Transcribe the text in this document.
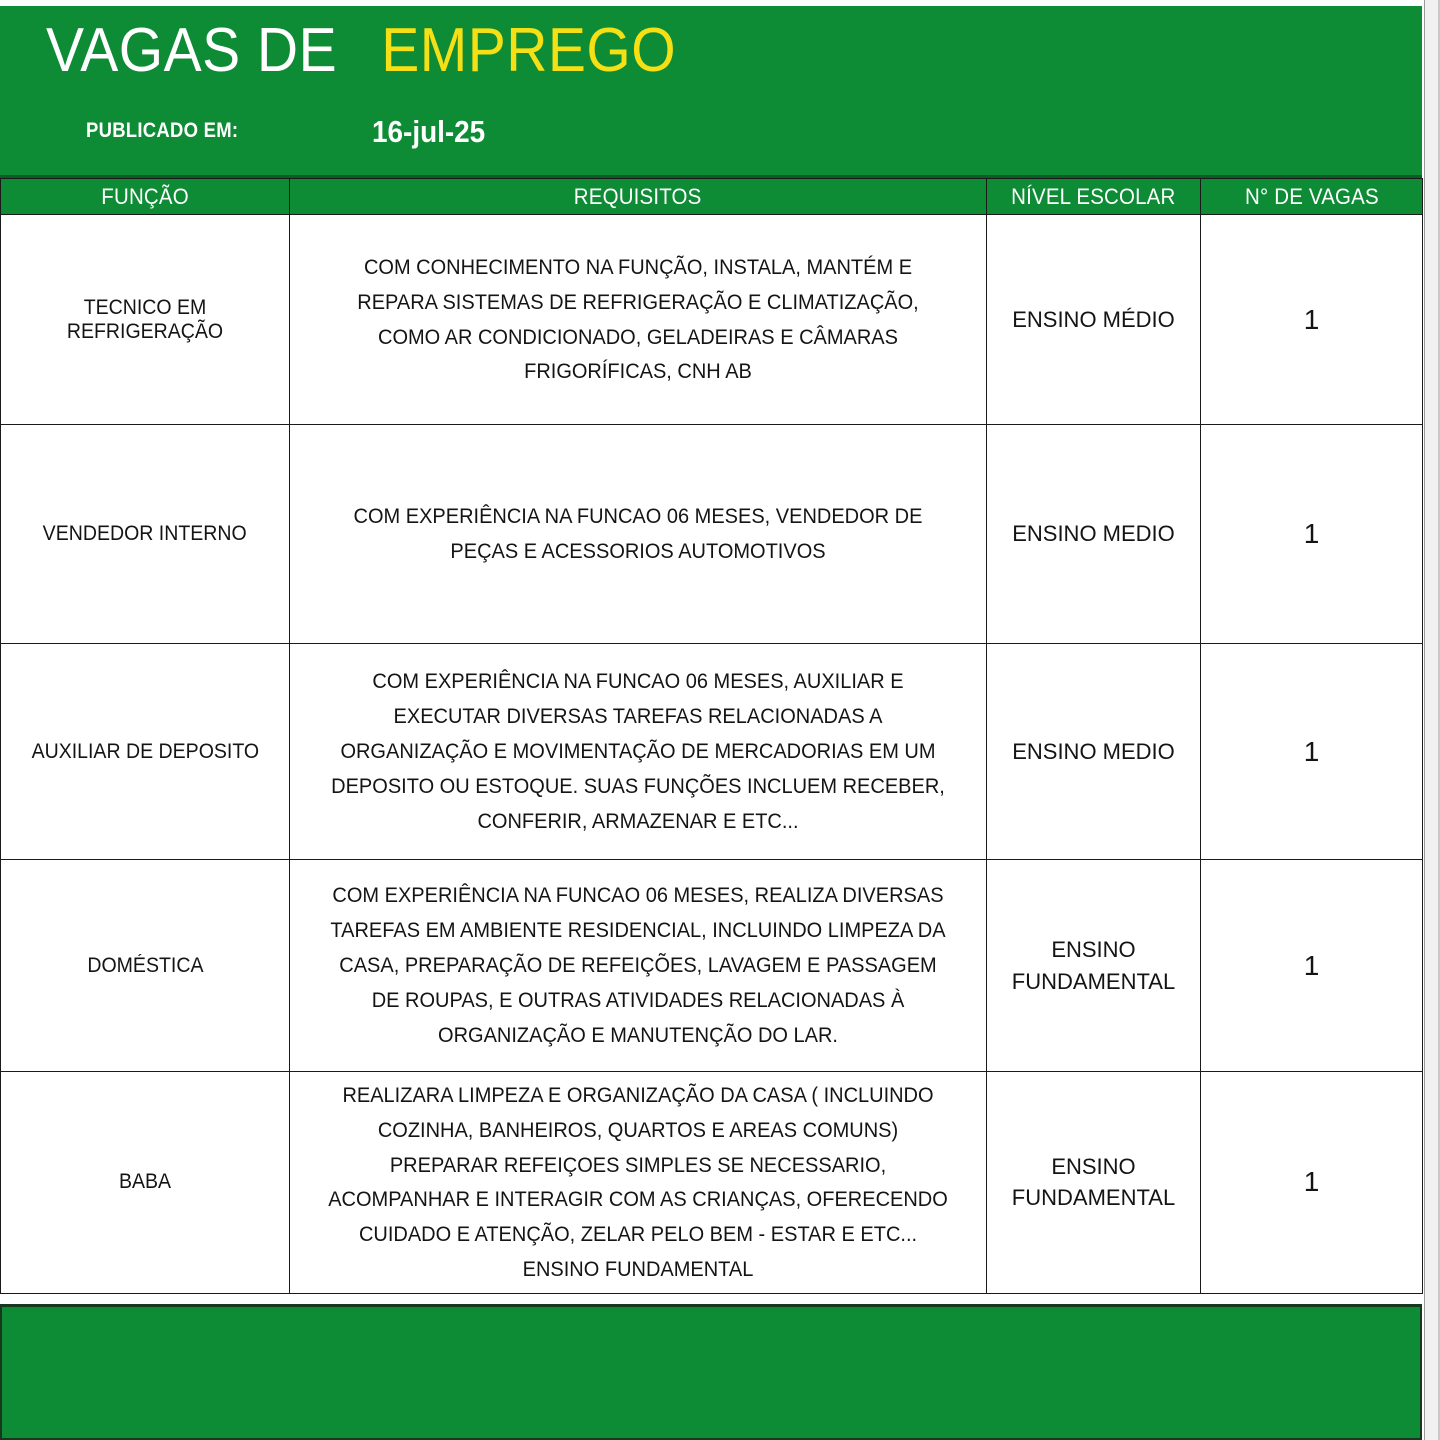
VAGAS DE EMPREGO
PUBLICADO EM:	16-jul-25
FUNÇÃO	REQUISITOS	NÍVEL ESCOLAR	N° DE VAGAS
TECNICO EM REFRIGERAÇÃO	COM CONHECIMENTO NA FUNÇÃO, INSTALA, MANTÉM E REPARA SISTEMAS DE REFRIGERAÇÃO E CLIMATIZAÇÃO, COMO AR CONDICIONADO, GELADEIRAS E CÂMARAS FRIGORÍFICAS, CNH AB	ENSINO MÉDIO	1
VENDEDOR INTERNO	COM EXPERIÊNCIA NA FUNCAO 06 MESES, VENDEDOR DE PEÇAS E ACESSORIOS AUTOMOTIVOS	ENSINO MEDIO	1
AUXILIAR DE DEPOSITO	COM EXPERIÊNCIA NA FUNCAO 06 MESES, AUXILIAR E EXECUTAR DIVERSAS TAREFAS RELACIONADAS A ORGANIZAÇÃO E MOVIMENTAÇÃO DE MERCADORIAS EM UM DEPOSITO OU ESTOQUE. SUAS FUNÇÕES INCLUEM RECEBER, CONFERIR, ARMAZENAR E ETC...	ENSINO MEDIO	1
DOMÉSTICA	COM EXPERIÊNCIA NA FUNCAO 06 MESES, REALIZA DIVERSAS TAREFAS EM AMBIENTE RESIDENCIAL, INCLUINDO LIMPEZA DA CASA, PREPARAÇÃO DE REFEIÇÕES, LAVAGEM E PASSAGEM DE ROUPAS, E OUTRAS ATIVIDADES RELACIONADAS À ORGANIZAÇÃO E MANUTENÇÃO DO LAR.	ENSINO FUNDAMENTAL	1
BABA	REALIZARA LIMPEZA E ORGANIZAÇÃO DA CASA ( INCLUINDO COZINHA, BANHEIROS, QUARTOS E AREAS COMUNS) PREPARAR REFEIÇOES SIMPLES SE NECESSARIO, ACOMPANHAR E INTERAGIR COM AS CRIANÇAS, OFERECENDO CUIDADO E ATENÇÃO, ZELAR PELO BEM - ESTAR E ETC... ENSINO FUNDAMENTAL	ENSINO FUNDAMENTAL	1
